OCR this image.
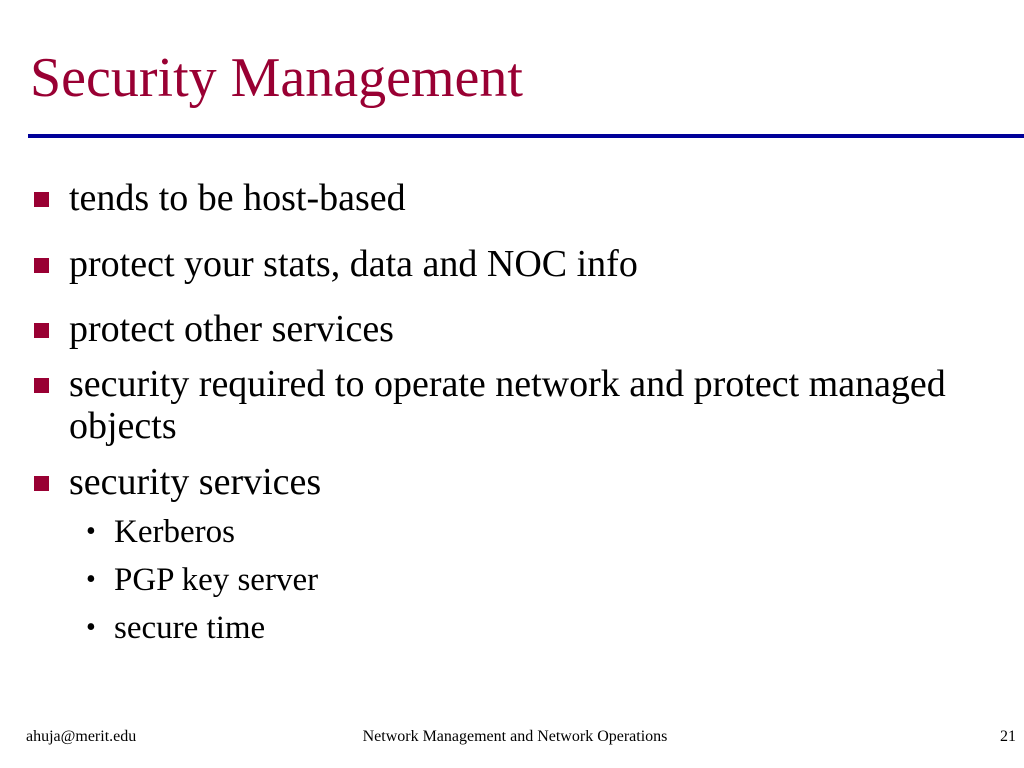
Security Management
tends to be host-based
protect your stats, data and NOC info
protect other services
security required to operate network and protect managed objects
security services
• Kerberos
• PGP key server
• secure time
ahuja@merit.edu	Network Management and Network Operations	21
